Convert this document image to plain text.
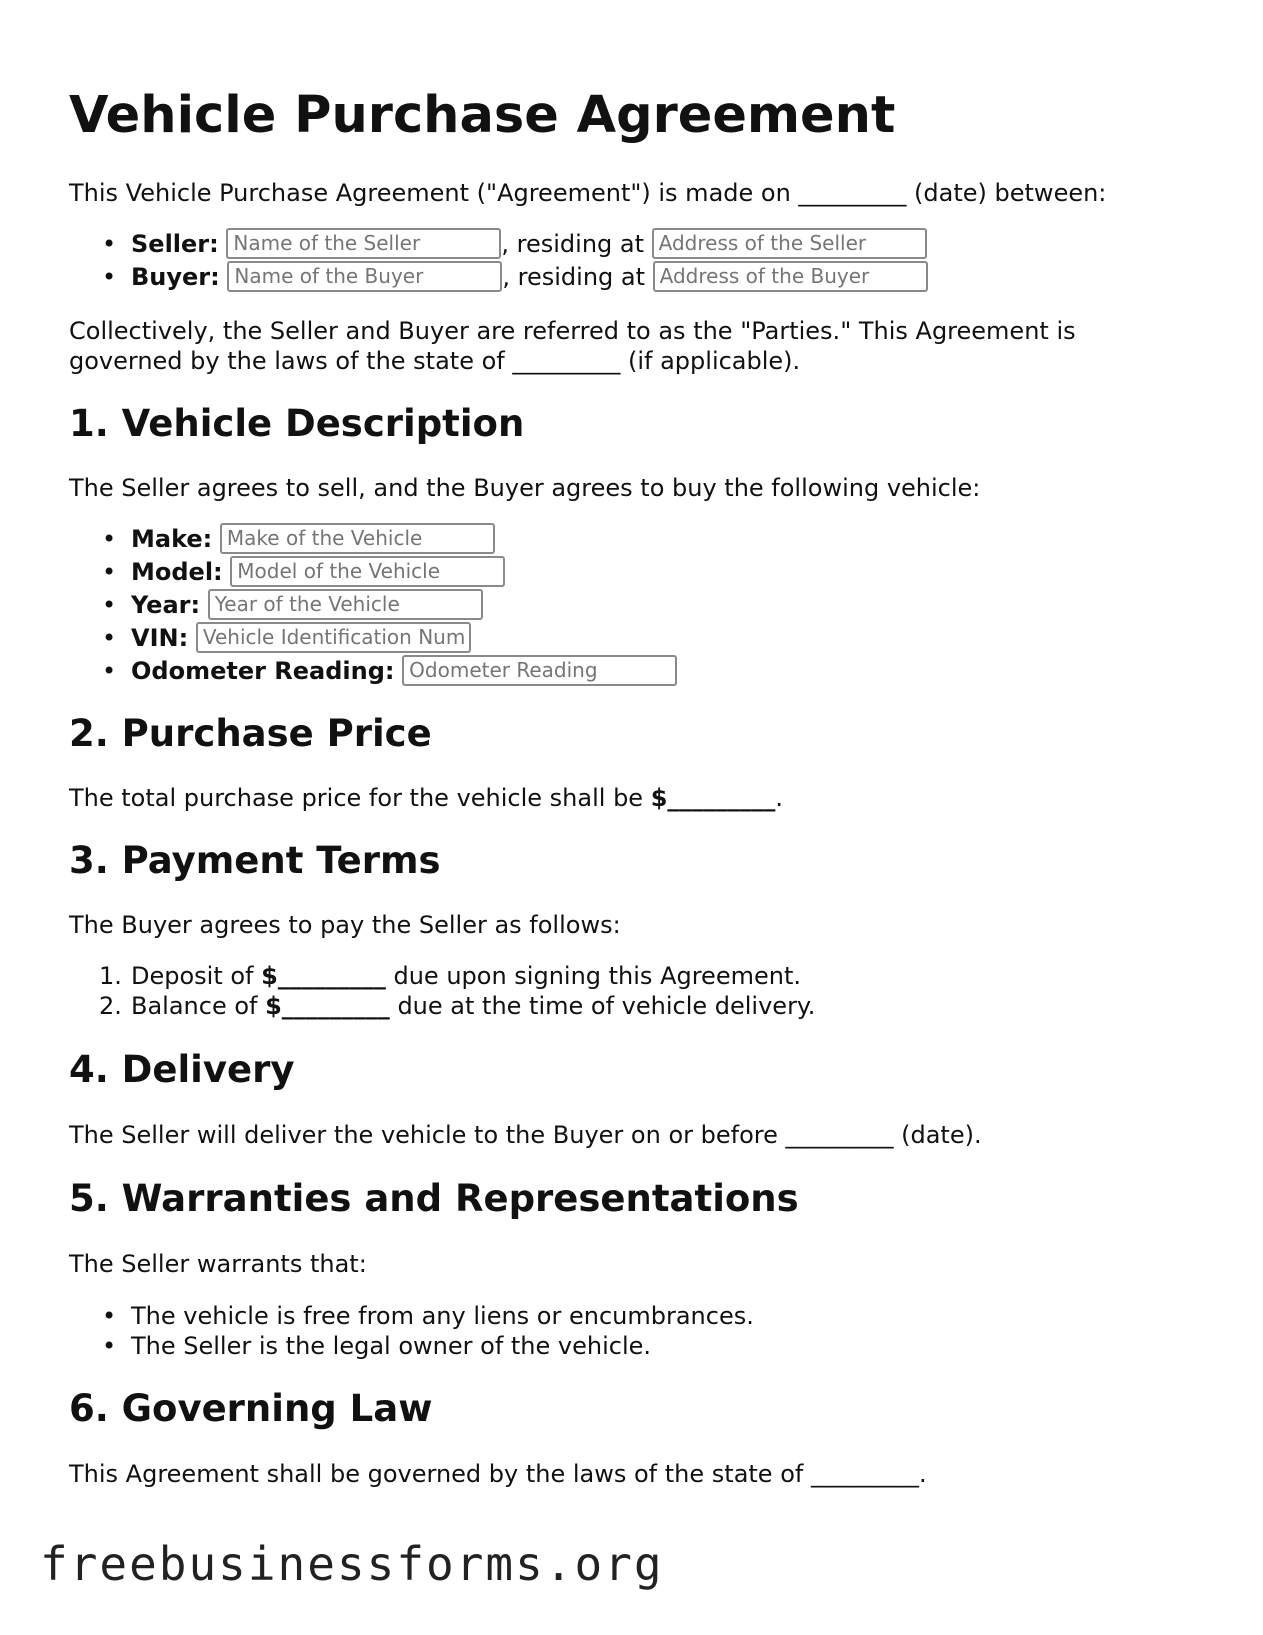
Vehicle Purchase Agreement

This Vehicle Purchase Agreement ("Agreement") is made on _________ (date) between:

• Seller: Name of the Seller	, residing at Address of the Seller
• Buyer: Name of the Buyer	, residing at Address of the Buyer

Collectively, the Seller and Buyer are referred to as the "Parties." This Agreement is

governed by the laws of the state of _________ (if applicable).

1. Vehicle Description

The Seller agrees to sell, and the Buyer agrees to buy the following vehicle:

• Make: Make of the Vehicle
• Model: Model of the Vehicle
• Year: Year of the Vehicle
• VIN: Vehicle Identification Num
• Odometer Reading: Odometer Reading
2. Purchase Price

The total purchase price for the vehicle shall be $_________.

3. Payment Terms

The Buyer agrees to pay the Seller as follows:

1. Deposit of $_________ due upon signing this Agreement.
2. Balance of $_________ due at the time of vehicle delivery.
4. Delivery

The Seller will deliver the vehicle to the Buyer on or before _________ (date).

5. Warranties and Representations

The Seller warrants that:

• The vehicle is free from any liens or encumbrances.
• The Seller is the legal owner of the vehicle.
6. Governing Law

This Agreement shall be governed by the laws of the state of _________.

freebusinessforms.org
